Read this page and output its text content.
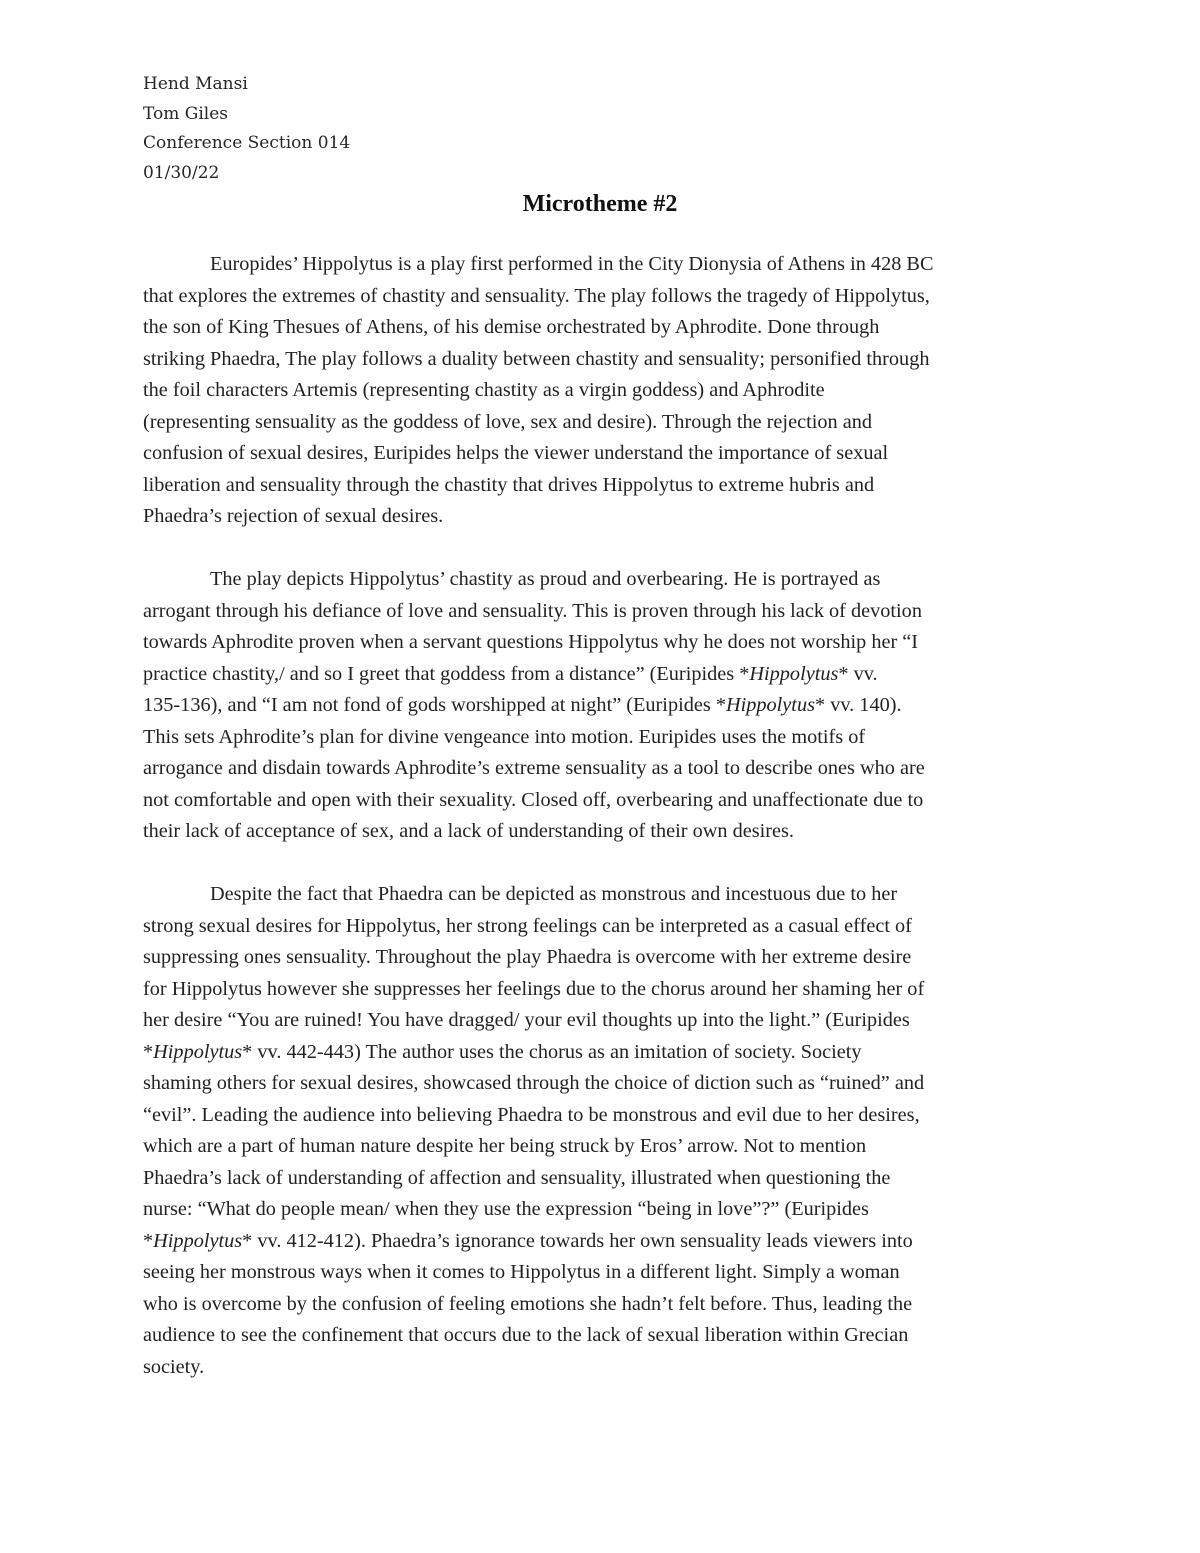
Hend Mansi
Tom Giles
Conference Section 014
01/30/22
Microtheme #2
Europides’ Hippolytus is a play first performed in the City Dionysia of Athens in 428 BC
that explores the extremes of chastity and sensuality. The play follows the tragedy of Hippolytus,
the son of King Thesues of Athens, of his demise orchestrated by Aphrodite. Done through
striking Phaedra, The play follows a duality between chastity and sensuality; personified through
the foil characters Artemis (representing chastity as a virgin goddess) and Aphrodite
(representing sensuality as the goddess of love, sex and desire). Through the rejection and
confusion of sexual desires, Euripides helps the viewer understand the importance of sexual
liberation and sensuality through the chastity that drives Hippolytus to extreme hubris and
Phaedra’s rejection of sexual desires.
The play depicts Hippolytus’ chastity as proud and overbearing. He is portrayed as
arrogant through his defiance of love and sensuality. This is proven through his lack of devotion
towards Aphrodite proven when a servant questions Hippolytus why he does not worship her “I
practice chastity,/ and so I greet that goddess from a distance” (Euripides *Hippolytus* vv.
135-136), and “I am not fond of gods worshipped at night” (Euripides *Hippolytus* vv. 140).
This sets Aphrodite’s plan for divine vengeance into motion. Euripides uses the motifs of
arrogance and disdain towards Aphrodite’s extreme sensuality as a tool to describe ones who are
not comfortable and open with their sexuality. Closed off, overbearing and unaffectionate due to
their lack of acceptance of sex, and a lack of understanding of their own desires.
Despite the fact that Phaedra can be depicted as monstrous and incestuous due to her
strong sexual desires for Hippolytus, her strong feelings can be interpreted as a casual effect of
suppressing ones sensuality. Throughout the play Phaedra is overcome with her extreme desire
for Hippolytus however she suppresses her feelings due to the chorus around her shaming her of
her desire “You are ruined! You have dragged/ your evil thoughts up into the light.” (Euripides
*Hippolytus* vv. 442-443) The author uses the chorus as an imitation of society. Society
shaming others for sexual desires, showcased through the choice of diction such as “ruined” and
“evil”. Leading the audience into believing Phaedra to be monstrous and evil due to her desires,
which are a part of human nature despite her being struck by Eros’ arrow. Not to mention
Phaedra’s lack of understanding of affection and sensuality, illustrated when questioning the
nurse: “What do people mean/ when they use the expression “being in love”?” (Euripides
*Hippolytus* vv. 412-412). Phaedra’s ignorance towards her own sensuality leads viewers into
seeing her monstrous ways when it comes to Hippolytus in a different light. Simply a woman
who is overcome by the confusion of feeling emotions she hadn’t felt before. Thus, leading the
audience to see the confinement that occurs due to the lack of sexual liberation within Grecian
society.
